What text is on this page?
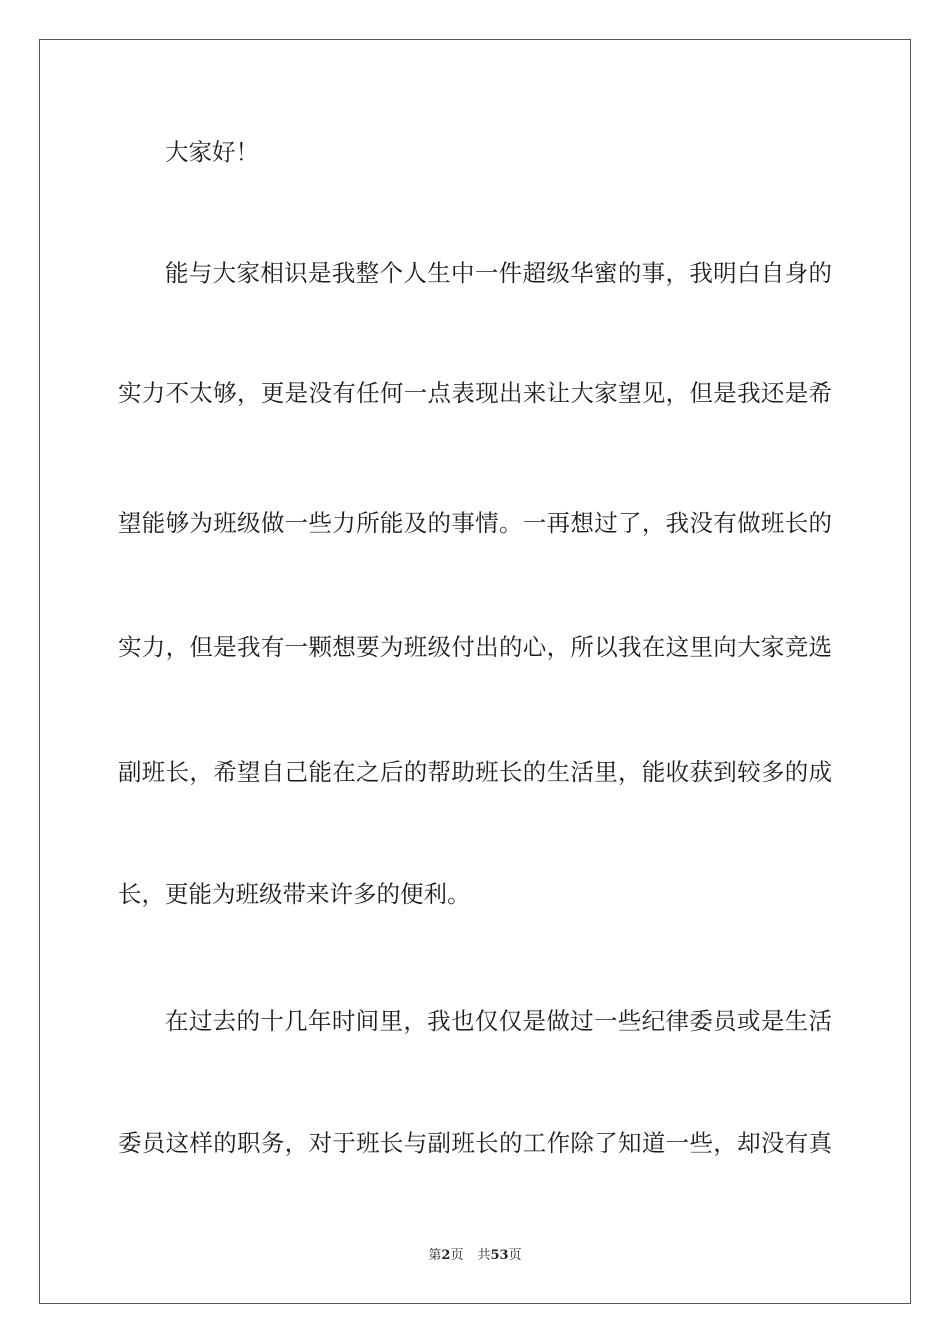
大家好！
能与大家相识是我整个人生中一件超级华蜜的事，我明白自身的
实力不太够，更是没有任何一点表现出来让大家望见，但是我还是希
望能够为班级做一些力所能及的事情。一再想过了，我没有做班长的
实力，但是我有一颗想要为班级付出的心，所以我在这里向大家竞选
副班长，希望自己能在之后的帮助班长的生活里，能收获到较多的成
长，更能为班级带来许多的便利。
在过去的十几年时间里，我也仅仅是做过一些纪律委员或是生活
委员这样的职务，对于班长与副班长的工作除了知道一些，却没有真
第2页 共53页
